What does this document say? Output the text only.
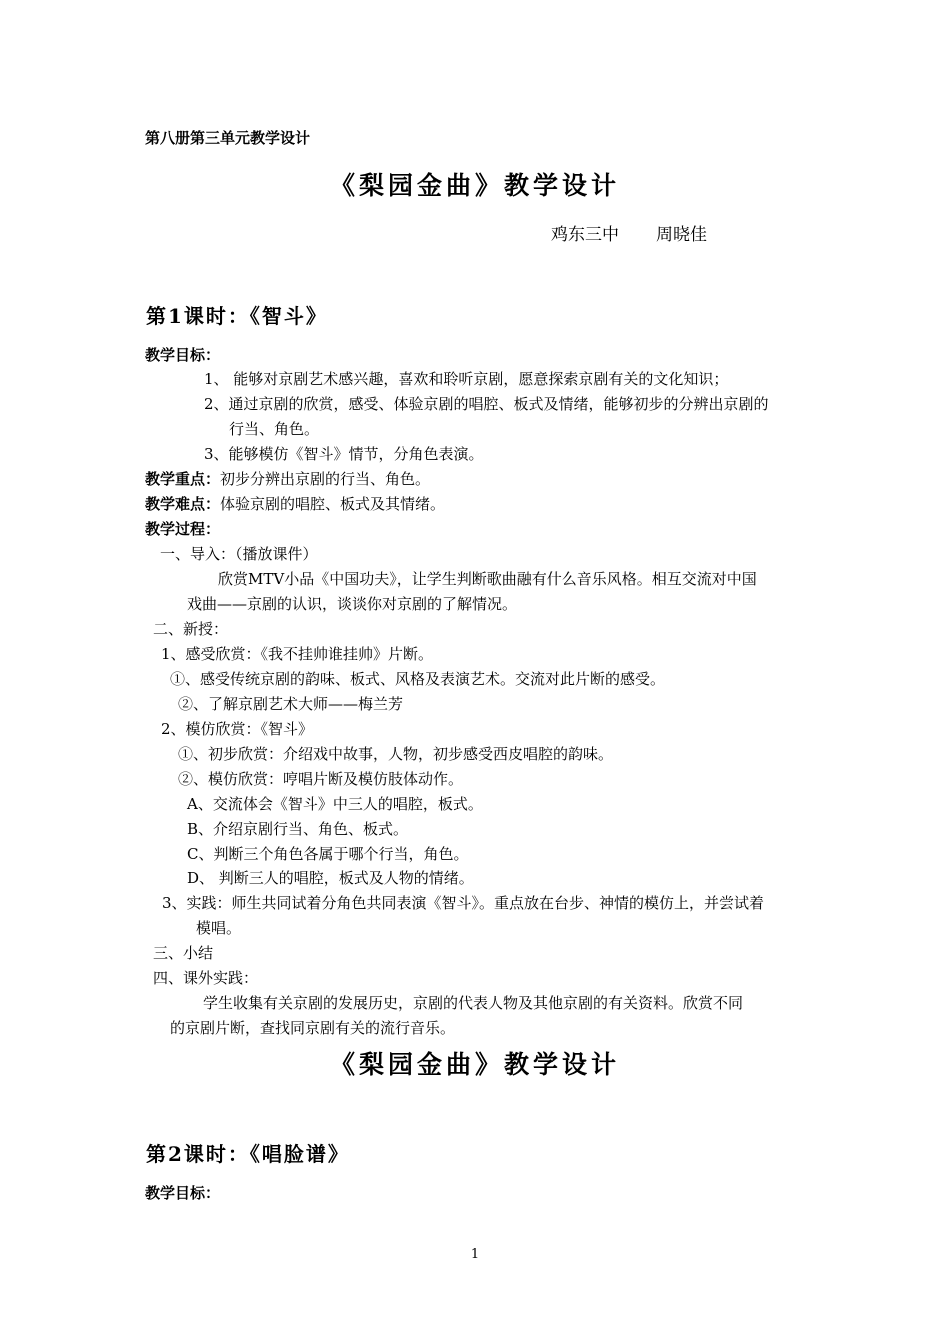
第八册第三单元教学设计
《梨园金曲》教学设计
鸡东三中 周晓佳
第1课时：《智斗》
教学目标：
1、 能够对京剧艺术感兴趣，喜欢和聆听京剧，愿意探索京剧有关的文化知识；
2、通过京剧的欣赏，感受、体验京剧的唱腔、板式及情绪，能够初步的分辨出京剧的
行当、角色。
3、能够模仿《智斗》情节，分角色表演。
教学重点：初步分辨出京剧的行当、角色。
教学难点：体验京剧的唱腔、板式及其情绪。
教学过程：
一、导入：（播放课件）
欣赏MTV小品《中国功夫》，让学生判断歌曲融有什么音乐风格。相互交流对中国
戏曲——京剧的认识，谈谈你对京剧的了解情况。
二、新授：
1、感受欣赏：《我不挂帅谁挂帅》片断。
①、感受传统京剧的韵味、板式、风格及表演艺术。交流对此片断的感受。
②、了解京剧艺术大师——梅兰芳
2、模仿欣赏：《智斗》
①、初步欣赏：介绍戏中故事，人物，初步感受西皮唱腔的韵味。
②、模仿欣赏：哼唱片断及模仿肢体动作。
A、交流体会《智斗》中三人的唱腔，板式。
B、介绍京剧行当、角色、板式。
C、判断三个角色各属于哪个行当，角色。
D、 判断三人的唱腔，板式及人物的情绪。
3、实践：师生共同试着分角色共同表演《智斗》。重点放在台步、神情的模仿上，并尝试着
模唱。
三、小结
四、课外实践：
学生收集有关京剧的发展历史，京剧的代表人物及其他京剧的有关资料。欣赏不同
的京剧片断，查找同京剧有关的流行音乐。
《梨园金曲》教学设计
第2课时：《唱脸谱》
教学目标：
1
